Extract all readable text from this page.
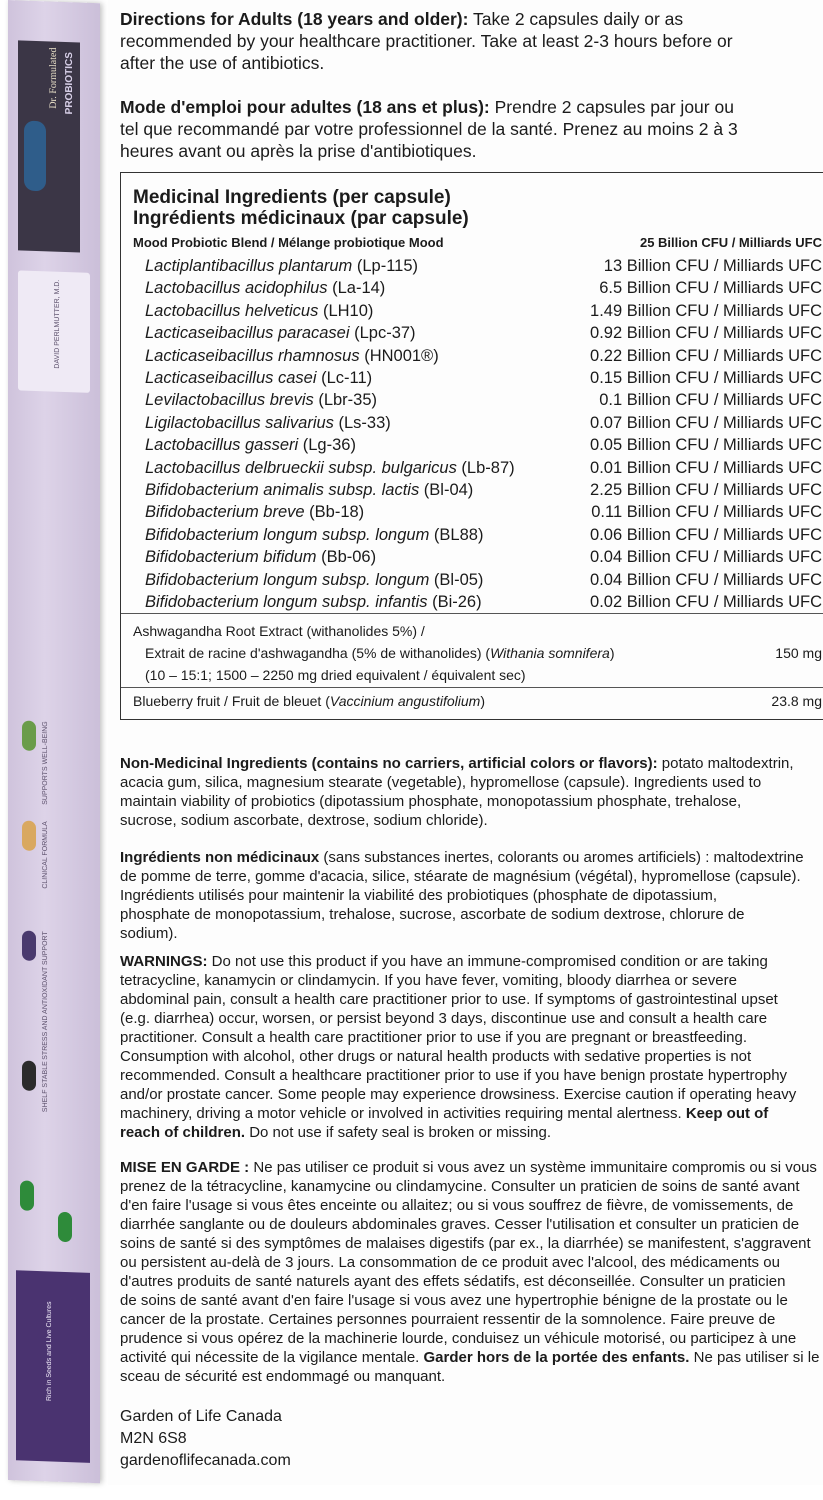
Dr. Formulated PROBIOTICS
DAVID PERLMUTTER, M.D.
SUPPORTS WELL-BEING
CLINICAL FORMULA
STRESS AND ANTIOXIDANT SUPPORT
SHELF STABLE
Rich in Seeds and Live Cultures
Directions for Adults (18 years and older): Take 2 capsules daily or as
recommended by your healthcare practitioner. Take at least 2-3 hours before or
after the use of antibiotics.
Mode d'emploi pour adultes (18 ans et plus): Prendre 2 capsules par jour ou
tel que recommandé par votre professionnel de la santé. Prenez au moins 2 à 3
heures avant ou après la prise d'antibiotiques.
Medicinal Ingredients (per capsule)
Ingrédients médicinaux (par capsule)
Mood Probiotic Blend / Mélange probiotique Mood	25 Billion CFU / Milliards UFC
Lactiplantibacillus plantarum (Lp-115)	13 Billion CFU / Milliards UFC
Lactobacillus acidophilus (La-14)	6.5 Billion CFU / Milliards UFC
Lactobacillus helveticus (LH10)	1.49 Billion CFU / Milliards UFC
Lacticaseibacillus paracasei (Lpc-37)	0.92 Billion CFU / Milliards UFC
Lacticaseibacillus rhamnosus (HN001®)	0.22 Billion CFU / Milliards UFC
Lacticaseibacillus casei (Lc-11)	0.15 Billion CFU / Milliards UFC
Levilactobacillus brevis (Lbr-35)	0.1 Billion CFU / Milliards UFC
Ligilactobacillus salivarius (Ls-33)	0.07 Billion CFU / Milliards UFC
Lactobacillus gasseri (Lg-36)	0.05 Billion CFU / Milliards UFC
Lactobacillus delbrueckii subsp. bulgaricus (Lb-87)	0.01 Billion CFU / Milliards UFC
Bifidobacterium animalis subsp. lactis (Bl-04)	2.25 Billion CFU / Milliards UFC
Bifidobacterium breve (Bb-18)	0.11 Billion CFU / Milliards UFC
Bifidobacterium longum subsp. longum (BL88)	0.06 Billion CFU / Milliards UFC
Bifidobacterium bifidum (Bb-06)	0.04 Billion CFU / Milliards UFC
Bifidobacterium longum subsp. longum (Bl-05)	0.04 Billion CFU / Milliards UFC
Bifidobacterium longum subsp. infantis (Bi-26)	0.02 Billion CFU / Milliards UFC
Ashwagandha Root Extract (withanolides 5%) /
Extrait de racine d'ashwagandha (5% de withanolides) (Withania somnifera)	150 mg
(10 – 15:1; 1500 – 2250 mg dried equivalent / équivalent sec)
Blueberry fruit / Fruit de bleuet (Vaccinium angustifolium)	23.8 mg
Non-Medicinal Ingredients (contains no carriers, artificial colors or flavors): potato maltodextrin,
acacia gum, silica, magnesium stearate (vegetable), hypromellose (capsule). Ingredients used to
maintain viability of probiotics (dipotassium phosphate, monopotassium phosphate, trehalose,
sucrose, sodium ascorbate, dextrose, sodium chloride).
Ingrédients non médicinaux (sans substances inertes, colorants ou aromes artificiels) : maltodextrine
de pomme de terre, gomme d'acacia, silice, stéarate de magnésium (végétal), hypromellose (capsule).
Ingrédients utilisés pour maintenir la viabilité des probiotiques (phosphate de dipotassium,
phosphate de monopotassium, trehalose, sucrose, ascorbate de sodium dextrose, chlorure de
sodium).
WARNINGS: Do not use this product if you have an immune-compromised condition or are taking
tetracycline, kanamycin or clindamycin. If you have fever, vomiting, bloody diarrhea or severe
abdominal pain, consult a health care practitioner prior to use. If symptoms of gastrointestinal upset
(e.g. diarrhea) occur, worsen, or persist beyond 3 days, discontinue use and consult a health care
practitioner. Consult a health care practitioner prior to use if you are pregnant or breastfeeding.
Consumption with alcohol, other drugs or natural health products with sedative properties is not
recommended. Consult a healthcare practitioner prior to use if you have benign prostate hypertrophy
and/or prostate cancer. Some people may experience drowsiness. Exercise caution if operating heavy
machinery, driving a motor vehicle or involved in activities requiring mental alertness. Keep out of
reach of children. Do not use if safety seal is broken or missing.
MISE EN GARDE : Ne pas utiliser ce produit si vous avez un système immunitaire compromis ou si vous
prenez de la tétracycline, kanamycine ou clindamycine. Consulter un praticien de soins de santé avant
d'en faire l'usage si vous êtes enceinte ou allaitez; ou si vous souffrez de fièvre, de vomissements, de
diarrhée sanglante ou de douleurs abdominales graves. Cesser l'utilisation et consulter un praticien de
soins de santé si des symptômes de malaises digestifs (par ex., la diarrhée) se manifestent, s'aggravent
ou persistent au-delà de 3 jours. La consommation de ce produit avec l'alcool, des médicaments ou
d'autres produits de santé naturels ayant des effets sédatifs, est déconseillée. Consulter un praticien
de soins de santé avant d'en faire l'usage si vous avez une hypertrophie bénigne de la prostate ou le
cancer de la prostate. Certaines personnes pourraient ressentir de la somnolence. Faire preuve de
prudence si vous opérez de la machinerie lourde, conduisez un véhicule motorisé, ou participez à une
activité qui nécessite de la vigilance mentale. Garder hors de la portée des enfants. Ne pas utiliser si le
sceau de sécurité est endommagé ou manquant.
Garden of Life Canada
M2N 6S8
gardenoflifecanada.com
